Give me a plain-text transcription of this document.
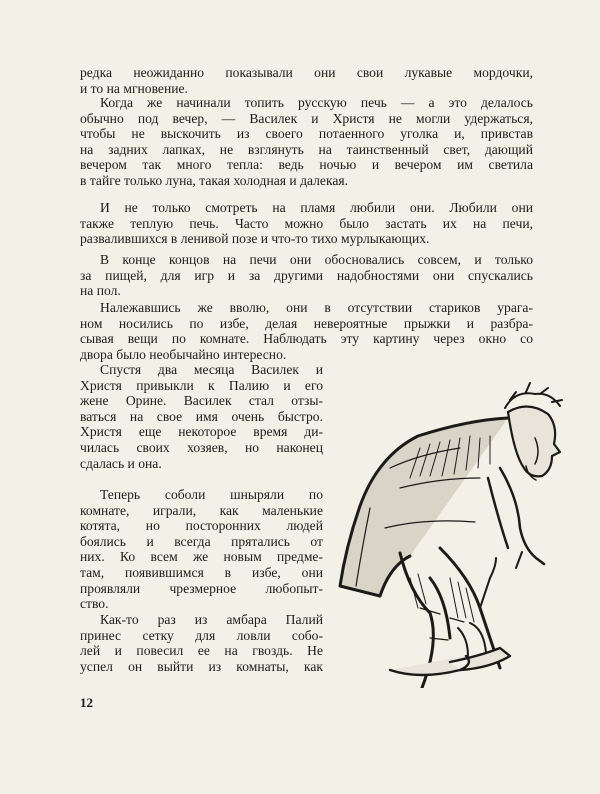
редка неожиданно показывали они свои лукавые мордочки,
и то на мгновение.
Когда же начинали топить русскую печь — а это делалось
обычно под вечер, — Василек и Христя не могли удержаться,
чтобы не выскочить из своего потаенного уголка и, привстав
на задних лапках, не взглянуть на таинственный свет, дающий
вечером так много тепла: ведь ночью и вечером им светила
в тайге только луна, такая холодная и далекая.
И не только смотреть на пламя любили они. Любили они
также теплую печь. Часто можно было застать их на печи,
развалившихся в ленивой позе и что-то тихо мурлыкающих.
В конце концов на печи они обосновались совсем, и только
за пищей, для игр и за другими надобностями они спускались
на пол.
Належавшись же вволю, они в отсутствии стариков урага-
ном носились по избе, делая невероятные прыжки и разбра-
сывая вещи по комнате. Наблюдать эту картину через окно со
двора было необычайно интересно.
Спустя два месяца Василек и
Христя привыкли к Палию и его
жене Орине. Василек стал отзы-
ваться на свое имя очень быстро.
Христя еще некоторое время ди-
чилась своих хозяев, но наконец
сдалась и она.
Теперь соболи шныряли по
комнате, играли, как маленькие
котята, но посторонних людей
боялись и всегда прятались от
них. Ко всем же новым предме-
там, появившимся в избе, они
проявляли чрезмерное любопыт-
ство.
Как-то раз из амбара Палий
принес сетку для ловли собо-
лей и повесил ее на гвоздь. Не
успел он выйти из комнаты, как
12
